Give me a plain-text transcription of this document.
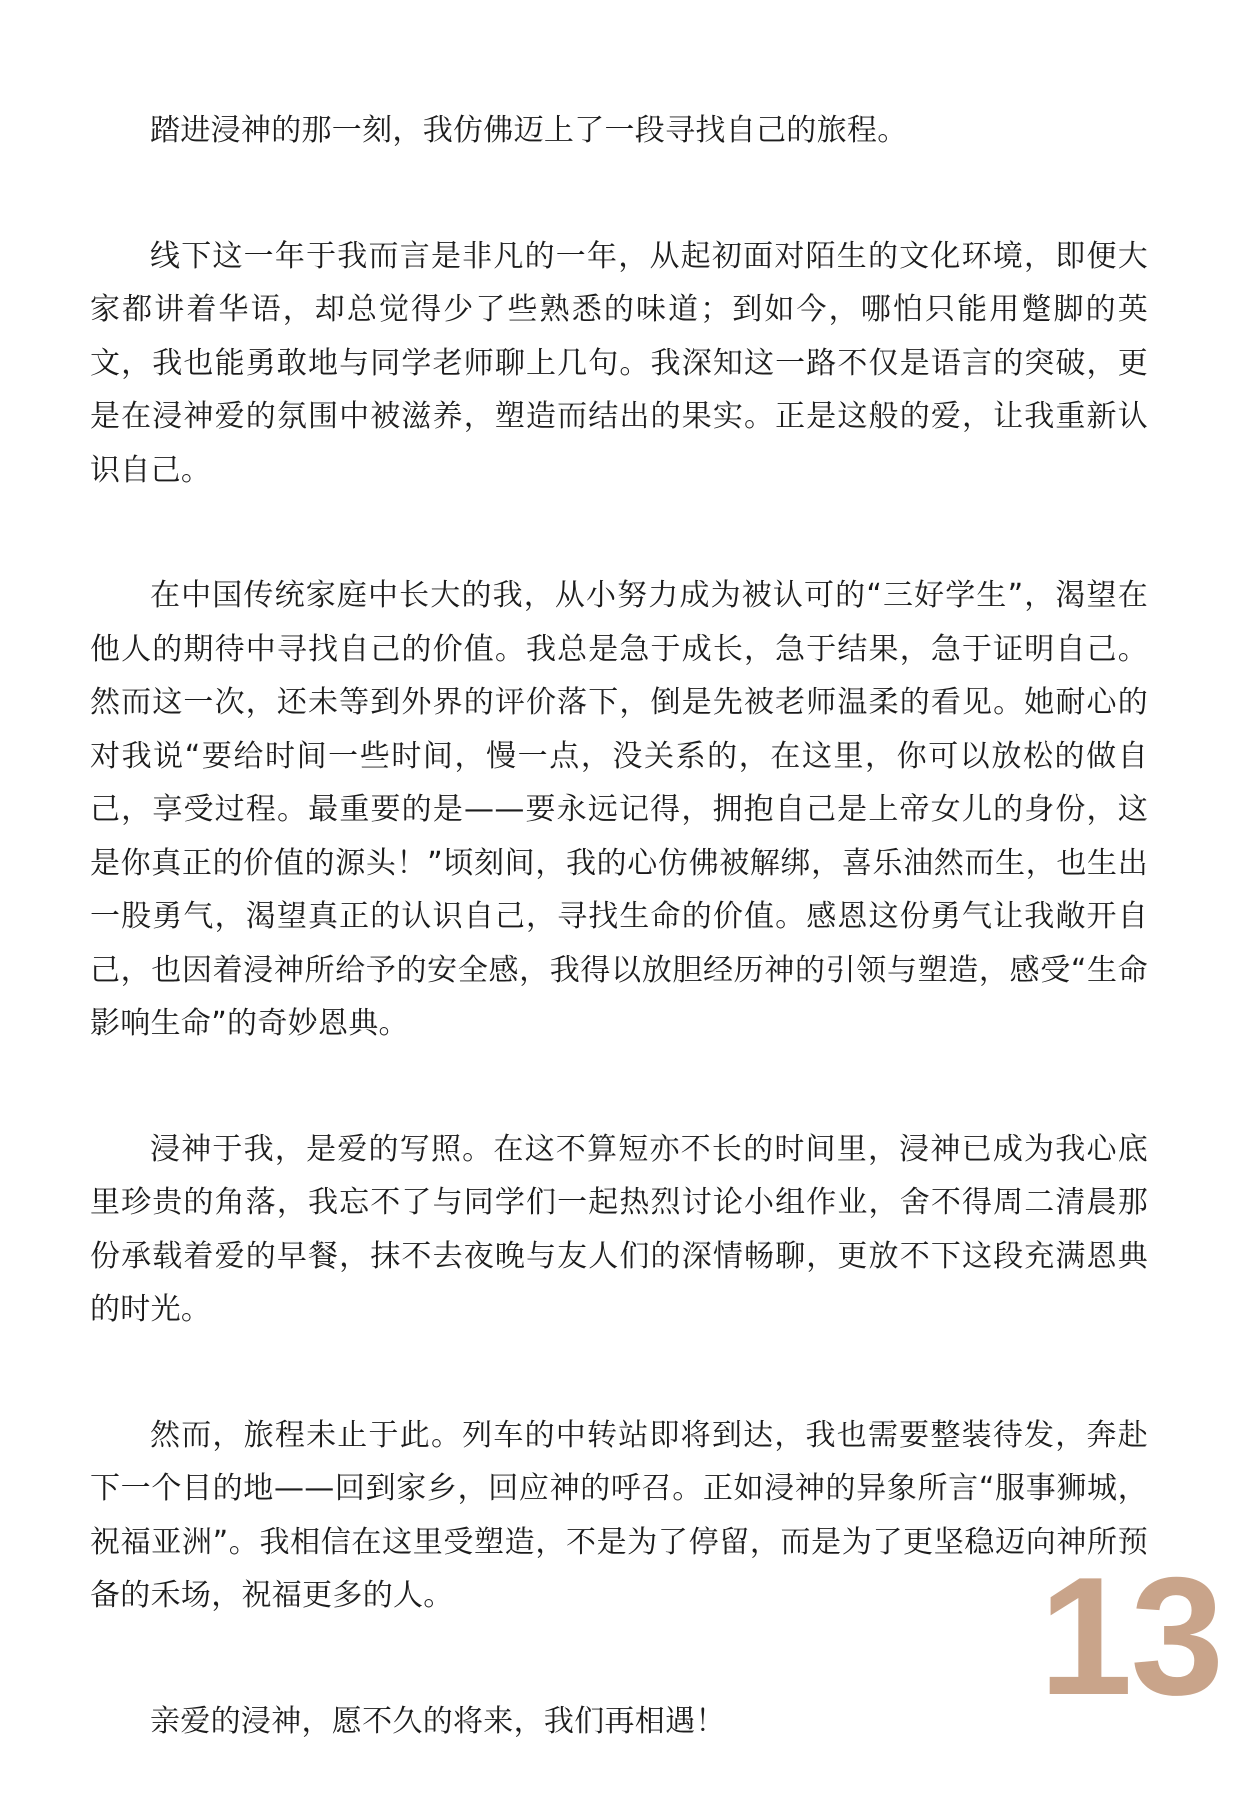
踏进浸神的那一刻，我仿佛迈上了一段寻找自己的旅程。

线下这一年于我而言是非凡的一年，从起初面对陌生的文化环境，即便大家都讲着华语，却总觉得少了些熟悉的味道；到如今，哪怕只能用蹩脚的英文，我也能勇敢地与同学老师聊上几句。我深知这一路不仅是语言的突破，更是在浸神爱的氛围中被滋养，塑造而结出的果实。正是这般的爱，让我重新认识自己。

在中国传统家庭中长大的我，从小努力成为被认可的“三好学生”，渴望在他人的期待中寻找自己的价值。我总是急于成长，急于结果，急于证明自己。然而这一次，还未等到外界的评价落下，倒是先被老师温柔的看见。她耐心的对我说“要给时间一些时间，慢一点，没关系的，在这里，你可以放松的做自己，享受过程。最重要的是——要永远记得，拥抱自己是上帝女儿的身份，这是你真正的价值的源头！”顷刻间，我的心仿佛被解绑，喜乐油然而生，也生出一股勇气，渴望真正的认识自己，寻找生命的价值。感恩这份勇气让我敞开自己，也因着浸神所给予的安全感，我得以放胆经历神的引领与塑造，感受“生命影响生命”的奇妙恩典。

浸神于我，是爱的写照。在这不算短亦不长的时间里，浸神已成为我心底里珍贵的角落，我忘不了与同学们一起热烈讨论小组作业，舍不得周二清晨那份承载着爱的早餐，抹不去夜晚与友人们的深情畅聊，更放不下这段充满恩典的时光。

然而，旅程未止于此。列车的中转站即将到达，我也需要整装待发，奔赴下一个目的地——回到家乡，回应神的呼召。正如浸神的异象所言“服事狮城，祝福亚洲”。我相信在这里受塑造，不是为了停留，而是为了更坚稳迈向神所预备的禾场，祝福更多的人。

亲爱的浸神，愿不久的将来，我们再相遇！	13
